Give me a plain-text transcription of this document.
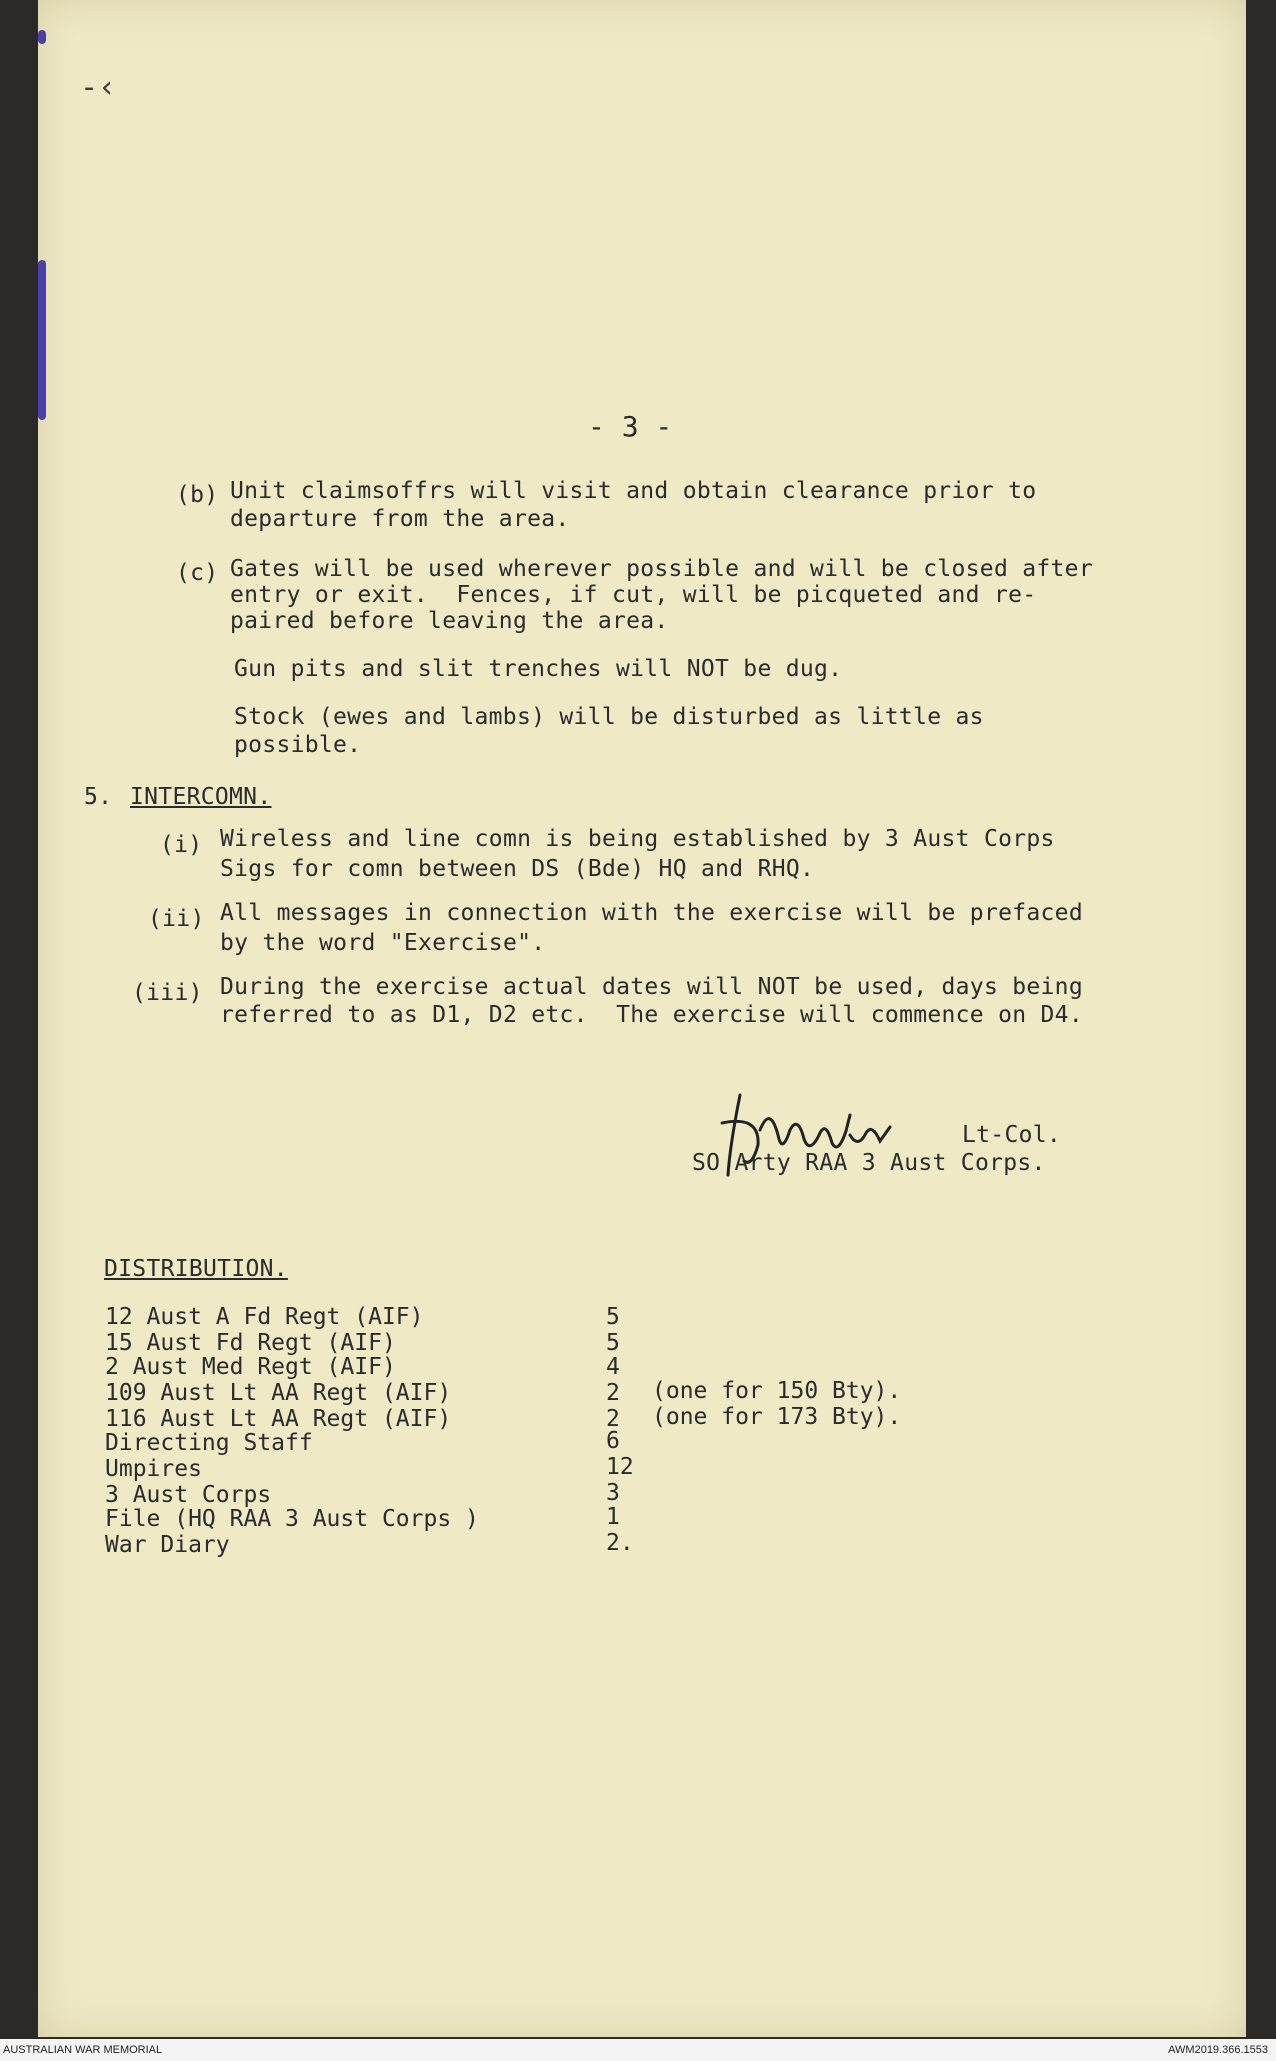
-‹
- 3 -
(b) Unit claimsoffrs will visit and obtain clearance prior to
departure from the area.
(c) Gates will be used wherever possible and will be closed after
entry or exit.  Fences, if cut, will be picqueted and re-
paired before leaving the area.
Gun pits and slit trenches will NOT be dug.
Stock (ewes and lambs) will be disturbed as little as
possible.
5. INTERCOMN.
(i) Wireless and line comn is being established by 3 Aust Corps
Sigs for comn between DS (Bde) HQ and RHQ.
(ii) All messages in connection with the exercise will be prefaced
by the word "Exercise".
(iii) During the exercise actual dates will NOT be used, days being
referred to as D1, D2 etc.  The exercise will commence on D4.
Lt-Col.
SO Arty RAA 3 Aust Corps.
DISTRIBUTION.
12 Aust A Fd Regt (AIF)	5
15 Aust Fd Regt (AIF)	5
2 Aust Med Regt (AIF)	4
109 Aust Lt AA Regt (AIF)	2 (one for 150 Bty).
116 Aust Lt AA Regt (AIF)	2 (one for 173 Bty).
Directing Staff	6
Umpires	12
3 Aust Corps	3
File (HQ RAA 3 Aust Corps )	1
War Diary	2.
AUSTRALIAN WAR MEMORIAL	AWM2019.366.1553
